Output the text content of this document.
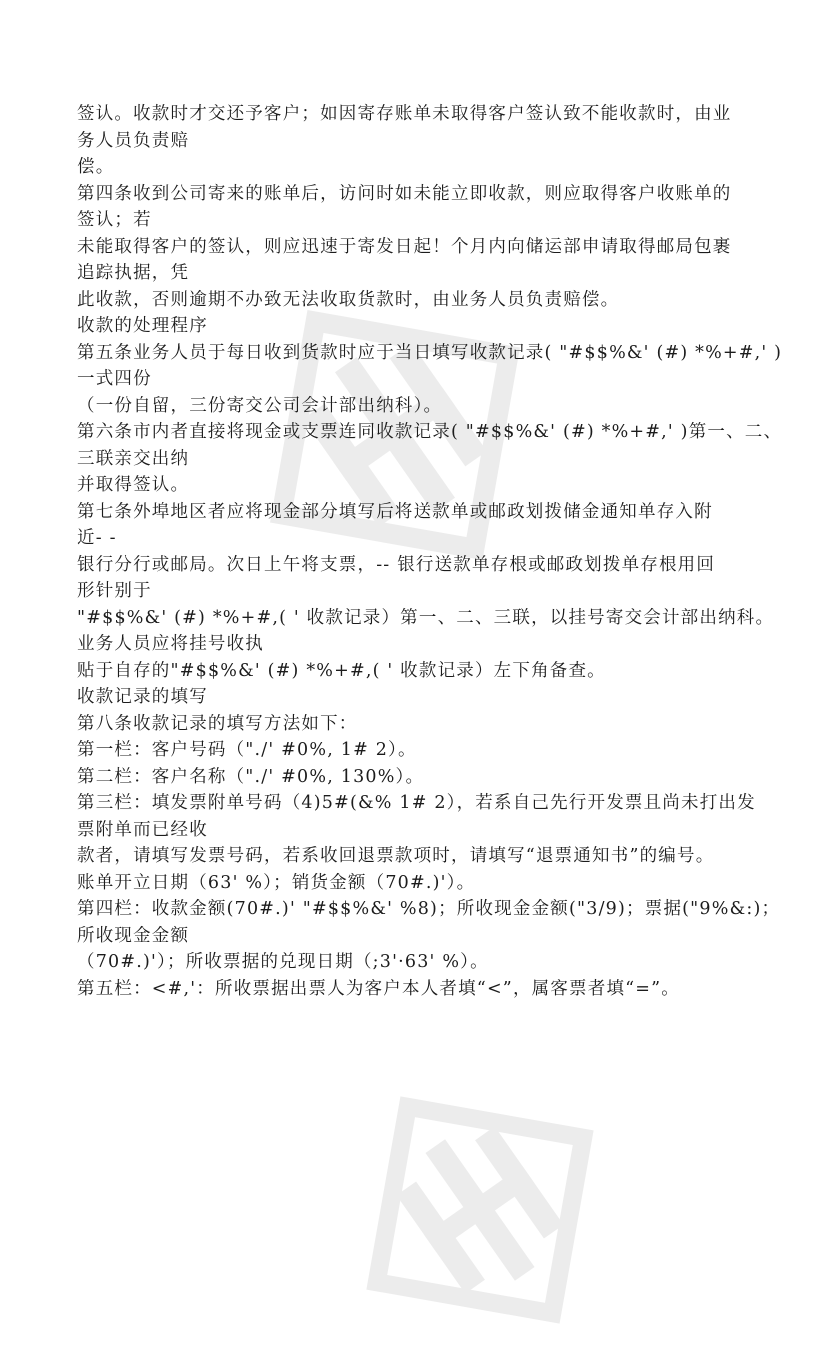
签认。收款时才交还予客户；如因寄存账单未取得客户签认致不能收款时，由业
务人员负责赔
偿。
第四条收到公司寄来的账单后，访问时如未能立即收款，则应取得客户收账单的
签认；若
未能取得客户的签认，则应迅速于寄发日起！个月内向储运部申请取得邮局包裹
追踪执据，凭
此收款，否则逾期不办致无法收取货款时，由业务人员负责赔偿。
收款的处理程序
第五条业务人员于每日收到货款时应于当日填写收款记录( "#$$%&' (#) *%+#,' )
一式四份
（一份自留，三份寄交公司会计部出纳科）。
第六条市内者直接将现金或支票连同收款记录( "#$$%&' (#) *%+#,' )第一、二、
三联亲交出纳
并取得签认。
第七条外埠地区者应将现金部分填写后将送款单或邮政划拨储金通知单存入附
近- -
银行分行或邮局。次日上午将支票，-- 银行送款单存根或邮政划拨单存根用回
形针别于
"#$$%&' (#) *%+#,( ' 收款记录）第一、二、三联，以挂号寄交会计部出纳科。
业务人员应将挂号收执
贴于自存的"#$$%&' (#) *%+#,( ' 收款记录）左下角备查。
收款记录的填写
第八条收款记录的填写方法如下：
第一栏：客户号码（"./' #0%, 1# 2）。
第二栏：客户名称（"./' #0%, 130%）。
第三栏：填发票附单号码（4)5#(&% 1# 2），若系自己先行开发票且尚未打出发
票附单而已经收
款者，请填写发票号码，若系收回退票款项时，请填写“退票通知书”的编号。
账单开立日期（63' %）；销货金额（70#.)'）。
第四栏：收款金额(70#.)' "#$$%&' %8)；所收现金金额("3/9)；票据("9%&:)；
所收现金金额
（70#.)'）；所收票据的兑现日期（;3'·63' %）。
第五栏：<#,'：所收票据出票人为客户本人者填“<”，属客票者填“=”。
